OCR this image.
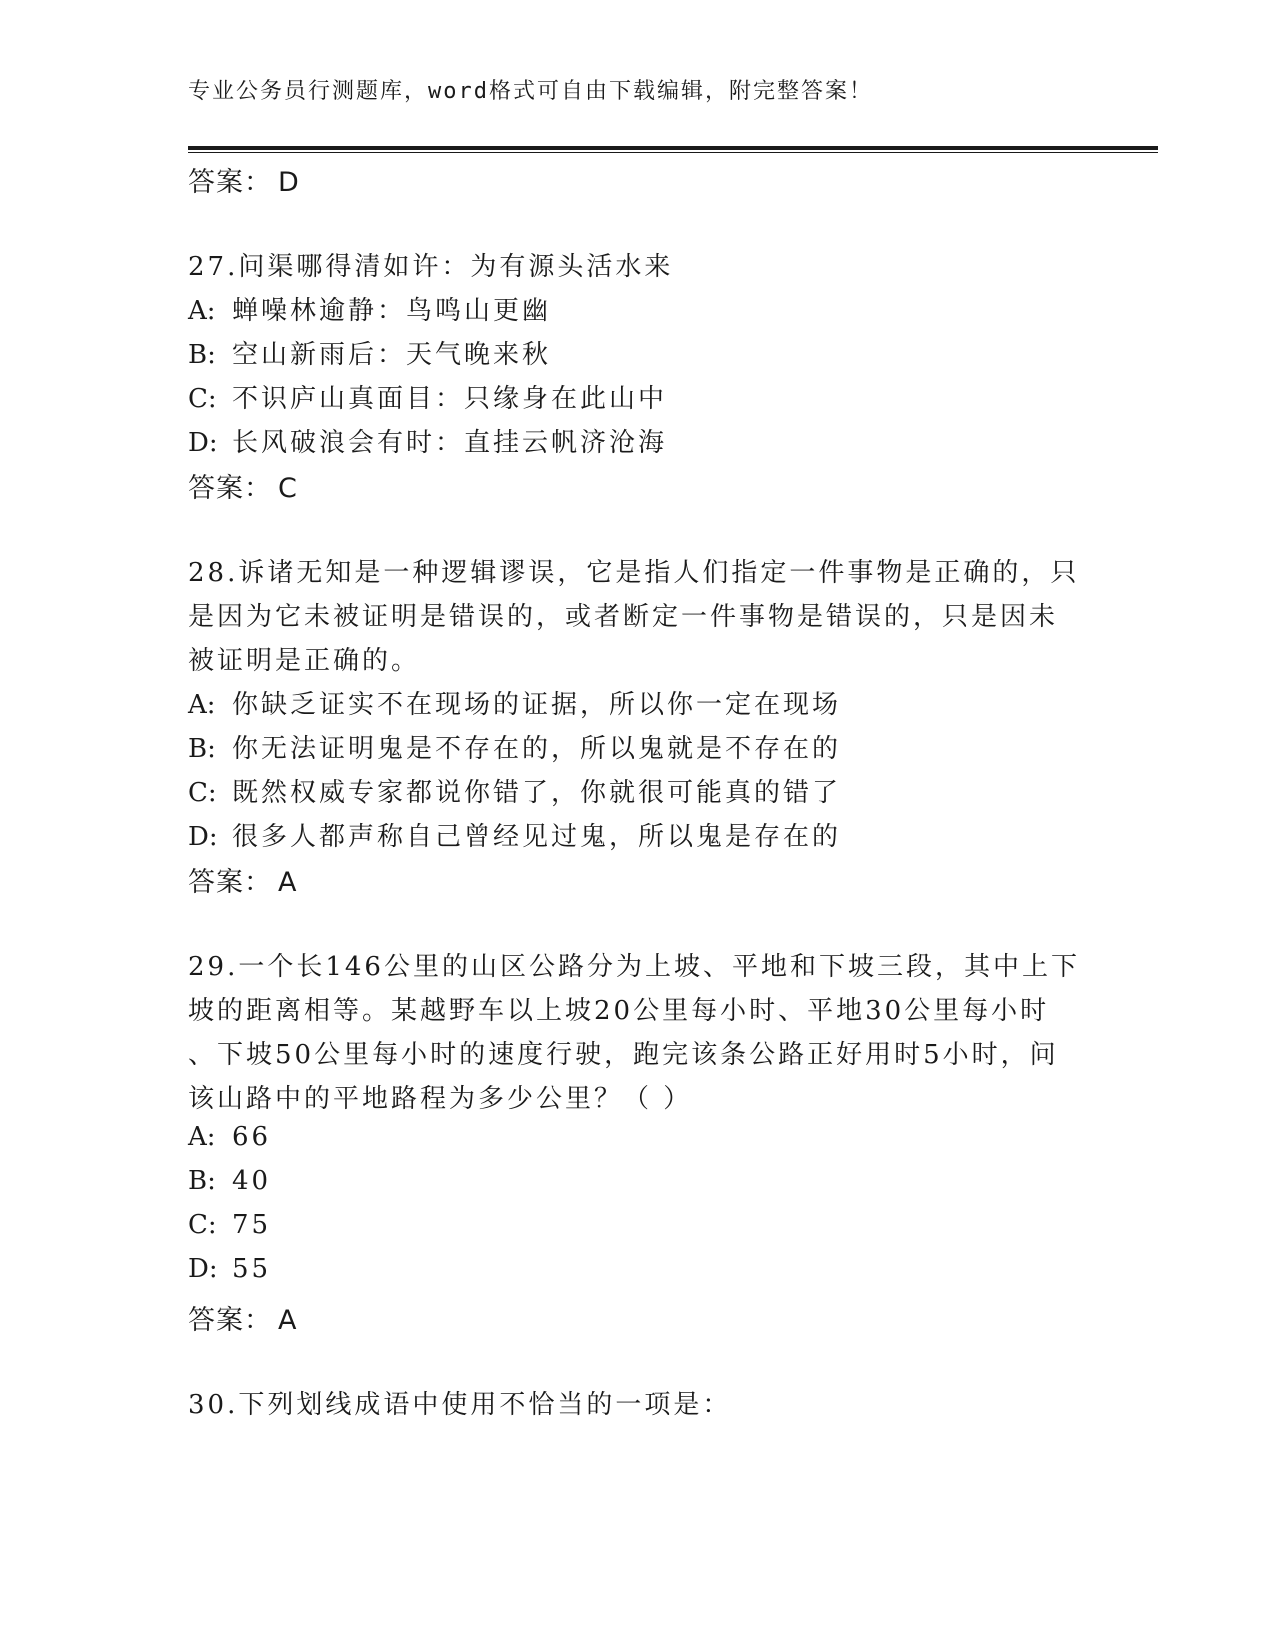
专业公务员行测题库，word格式可自由下载编辑，附完整答案！
答案： D
27.问渠哪得清如许：为有源头活水来
A: 蝉噪林逾静：鸟鸣山更幽
B: 空山新雨后：天气晚来秋
C: 不识庐山真面目：只缘身在此山中
D: 长风破浪会有时：直挂云帆济沧海
答案： C
28.诉诸无知是一种逻辑谬误，它是指人们指定一件事物是正确的，只
是因为它未被证明是错误的，或者断定一件事物是错误的，只是因未
被证明是正确的。
A: 你缺乏证实不在现场的证据，所以你一定在现场
B: 你无法证明鬼是不存在的，所以鬼就是不存在的
C: 既然权威专家都说你错了，你就很可能真的错了
D: 很多人都声称自己曾经见过鬼，所以鬼是存在的
答案： A
29.一个长146公里的山区公路分为上坡、平地和下坡三段，其中上下
坡的距离相等。某越野车以上坡20公里每小时、平地30公里每小时
、下坡50公里每小时的速度行驶，跑完该条公路正好用时5小时，问
该山路中的平地路程为多少公里？（ ）
A: 66
B: 40
C: 75
D: 55
答案： A
30.下列划线成语中使用不恰当的一项是：
